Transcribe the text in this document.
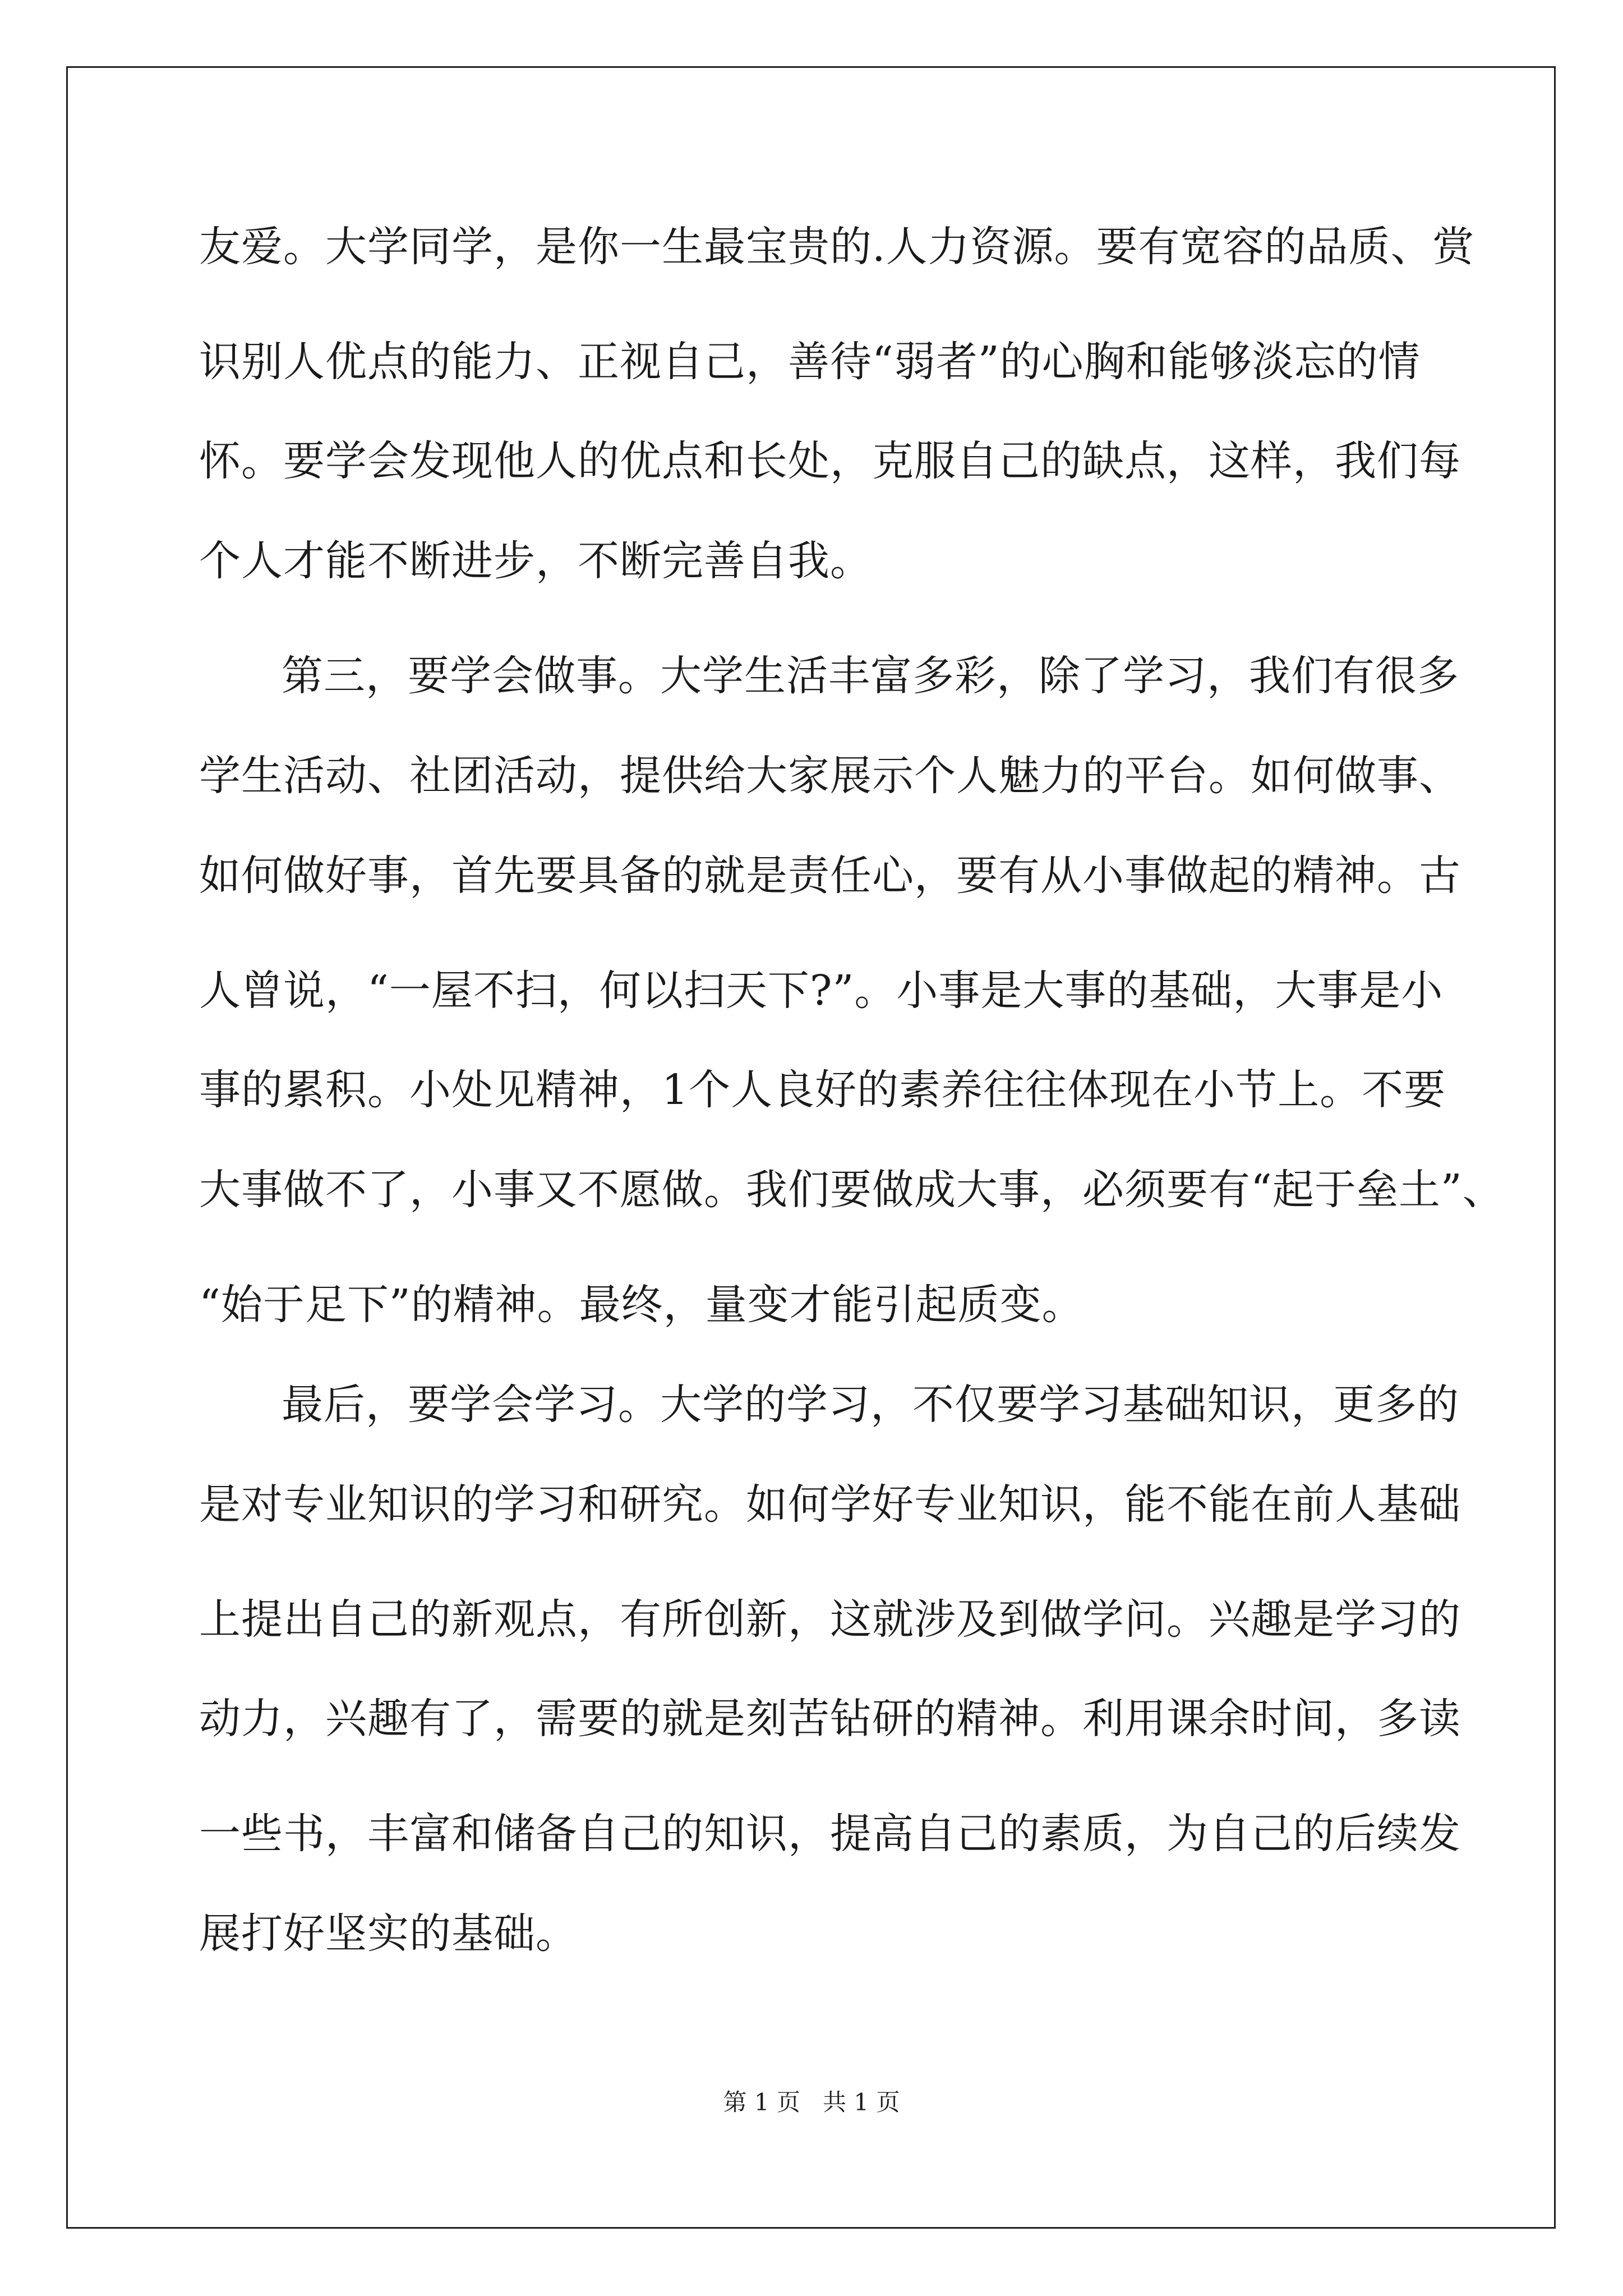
友爱。大学同学，是你一生最宝贵的.人力资源。要有宽容的品质、赏
识别人优点的能力、正视自己，善待“弱者”的心胸和能够淡忘的情
怀。要学会发现他人的优点和长处，克服自己的缺点，这样，我们每
个人才能不断进步，不断完善自我。
第三，要学会做事。大学生活丰富多彩，除了学习，我们有很多
学生活动、社团活动，提供给大家展示个人魅力的平台。如何做事、
如何做好事，首先要具备的就是责任心，要有从小事做起的精神。古
人曾说，“一屋不扫，何以扫天下?”。小事是大事的基础，大事是小
事的累积。小处见精神，1个人良好的素养往往体现在小节上。不要
大事做不了，小事又不愿做。我们要做成大事，必须要有“起于垒土”、
“始于足下”的精神。最终，量变才能引起质变。
最后，要学会学习。大学的学习，不仅要学习基础知识，更多的
是对专业知识的学习和研究。如何学好专业知识，能不能在前人基础
上提出自己的新观点，有所创新，这就涉及到做学问。兴趣是学习的
动力，兴趣有了，需要的就是刻苦钻研的精神。利用课余时间，多读
一些书，丰富和储备自己的知识，提高自己的素质，为自己的后续发
展打好坚实的基础。
第 1 页   共 1 页
